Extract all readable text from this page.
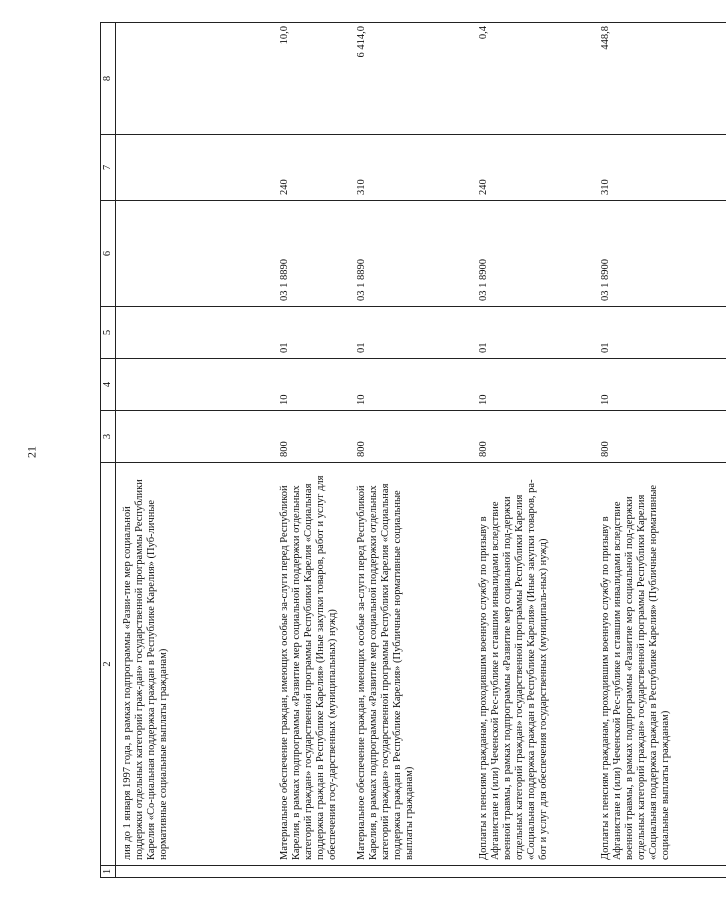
21
1	2	3	4	5	6	7	8
	лия до 1 января 1997 года, в рамках подпрограммы «Разви-тие мер социальной поддержки отдельных категорий граж-дан» государственной программы Республики Карелия «Со-циальная поддержка граждан в Республике Карелия» (Пуб-личные нормативные социальные выплаты гражданам)						
	Материальное обеспечение граждан, имеющих особые за-слуги перед Республикой Карелия, в рамках подпрограммы «Развитие мер социальной поддержки отдельных категорий граждан» государственной программы Республики Карелия «Социальная поддержка граждан в Республике Карелия» (Иные закупки товаров, работ и услуг для обеспечения госу-дарственных (муниципальных) нужд)	800	10	01	03 1 8890	240	10,0
	Материальное обеспечение граждан, имеющих особые за-слуги перед Республикой Карелия, в рамках подпрограммы «Развитие мер социальной поддержки отдельных категорий граждан» государственной программы Республики Карелия «Социальная поддержка граждан в Республике Карелия» (Публичные нормативные социальные выплаты гражданам)	800	10	01	03 1 8890	310	6 414,0
	Доплаты к пенсиям гражданам, проходившим военную службу по призыву в Афганистане и (или) Чеченской Рес-публике и ставшим инвалидами вследствие военной травмы, в рамках подпрограммы «Развитие мер социальной под-держки отдельных категорий граждан» государственной программы Республики Карелия «Социальная поддержка граждан в Республике Карелия» (Иные закупки товаров, ра-бот и услуг для обеспечения государственных (муниципаль-ных) нужд)	800	10	01	03 1 8900	240	0,4
	Доплаты к пенсиям гражданам, проходившим военную службу по призыву в Афганистане и (или) Чеченской Рес-публике и ставшим инвалидами вследствие военной травмы, в рамках подпрограммы «Развитие мер социальной под-держки отдельных категорий граждан» государственной программы Республики Карелия «Социальная поддержка граждан в Республике Карелия» (Публичные нормативные социальные выплаты гражданам)	800	10	01	03 1 8900	310	448,8
